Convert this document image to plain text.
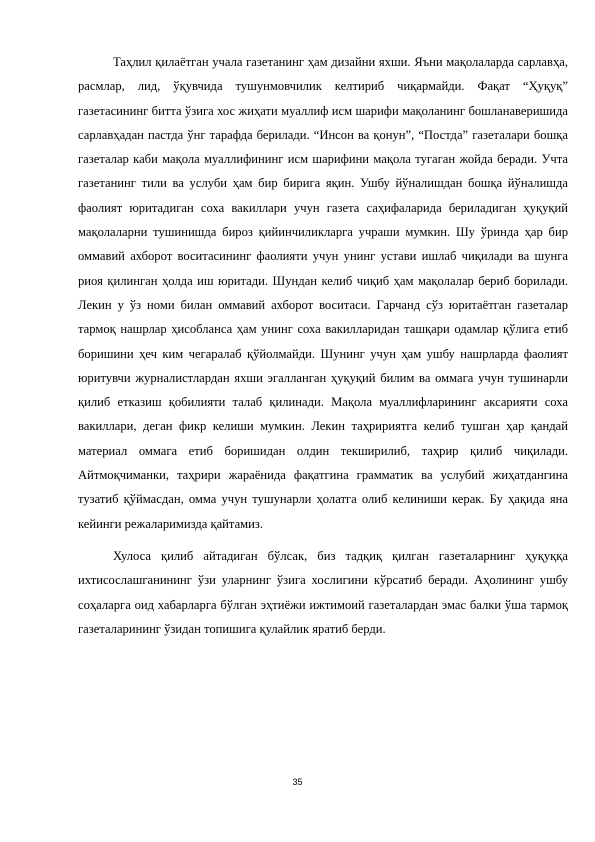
Таҳлил қилаётган учала газетанинг ҳам дизайни яхши. Яъни мақолаларда сарлавҳа, расмлар, лид, ўқувчида тушунмовчилик келтириб чиқармайди. Фақат “Ҳуқуқ” газетасининг битта ўзига хос жиҳати муаллиф исм шарифи мақоланинг бошланаверишида сарлавҳадан пастда ўнг тарафда берилади. “Инсон ва қонун”, “Постда” газеталари бошқа газеталар каби мақола муаллифининг исм шарифини мақола тугаган жойда беради. Учта газетанинг тили ва услуби ҳам бир бирига яқин. Ушбу йўналишдан бошқа йўналишда фаолият юритадиган соха вакиллари учун газета саҳифаларида бериладиган ҳуқуқий мақолаларни тушинишда бироз қийинчиликларга учраши мумкин. Шу ўринда ҳар бир оммавий ахборот воситасининг фаолияти учун унинг устави ишлаб чиқилади ва шунга риоя қилинган ҳолда иш юритади. Шундан келиб чиқиб ҳам мақолалар бериб борилади. Лекин у ўз номи билан оммавий ахборот воситаси. Гарчанд сўз юритаётган газеталар тармоқ нашрлар ҳисобланса ҳам унинг соха вакилларидан ташқари одамлар қўлига етиб боришини ҳеч ким чегаралаб қўйолмайди. Шунинг учун ҳам ушбу нашрларда фаолият юритувчи журналистлардан яхши эгалланган ҳуқуқий билим ва оммага учун тушинарли қилиб етказиш қобилияти талаб қилинади. Мақола муаллифларининг аксарияти соха вакиллари, деган фикр келиши мумкин. Лекин таҳририятга келиб тушган ҳар қандай материал оммага етиб боришидан олдин текширилиб, таҳрир қилиб чиқилади. Айтмоқчиманки, таҳрири жараёнида фақатгина грамматик ва услубий жиҳатдангина тузатиб қўймасдан, омма учун тушунарли ҳолатга олиб келиниши керак. Бу ҳақида яна кейинги режаларимизда қайтамиз.

Хулоса қилиб айтадиган бўлсак, биз тадқиқ қилган газеталарнинг ҳуқуққа ихтисослашганининг ўзи уларнинг ўзига хослигини кўрсатиб беради. Аҳолининг ушбу соҳаларга оид хабарларга бўлган эҳтиёжи ижтимоий газеталардан эмас балки ўша тармоқ газеталарининг ўзидан топишига қулайлик яратиб берди.

35
